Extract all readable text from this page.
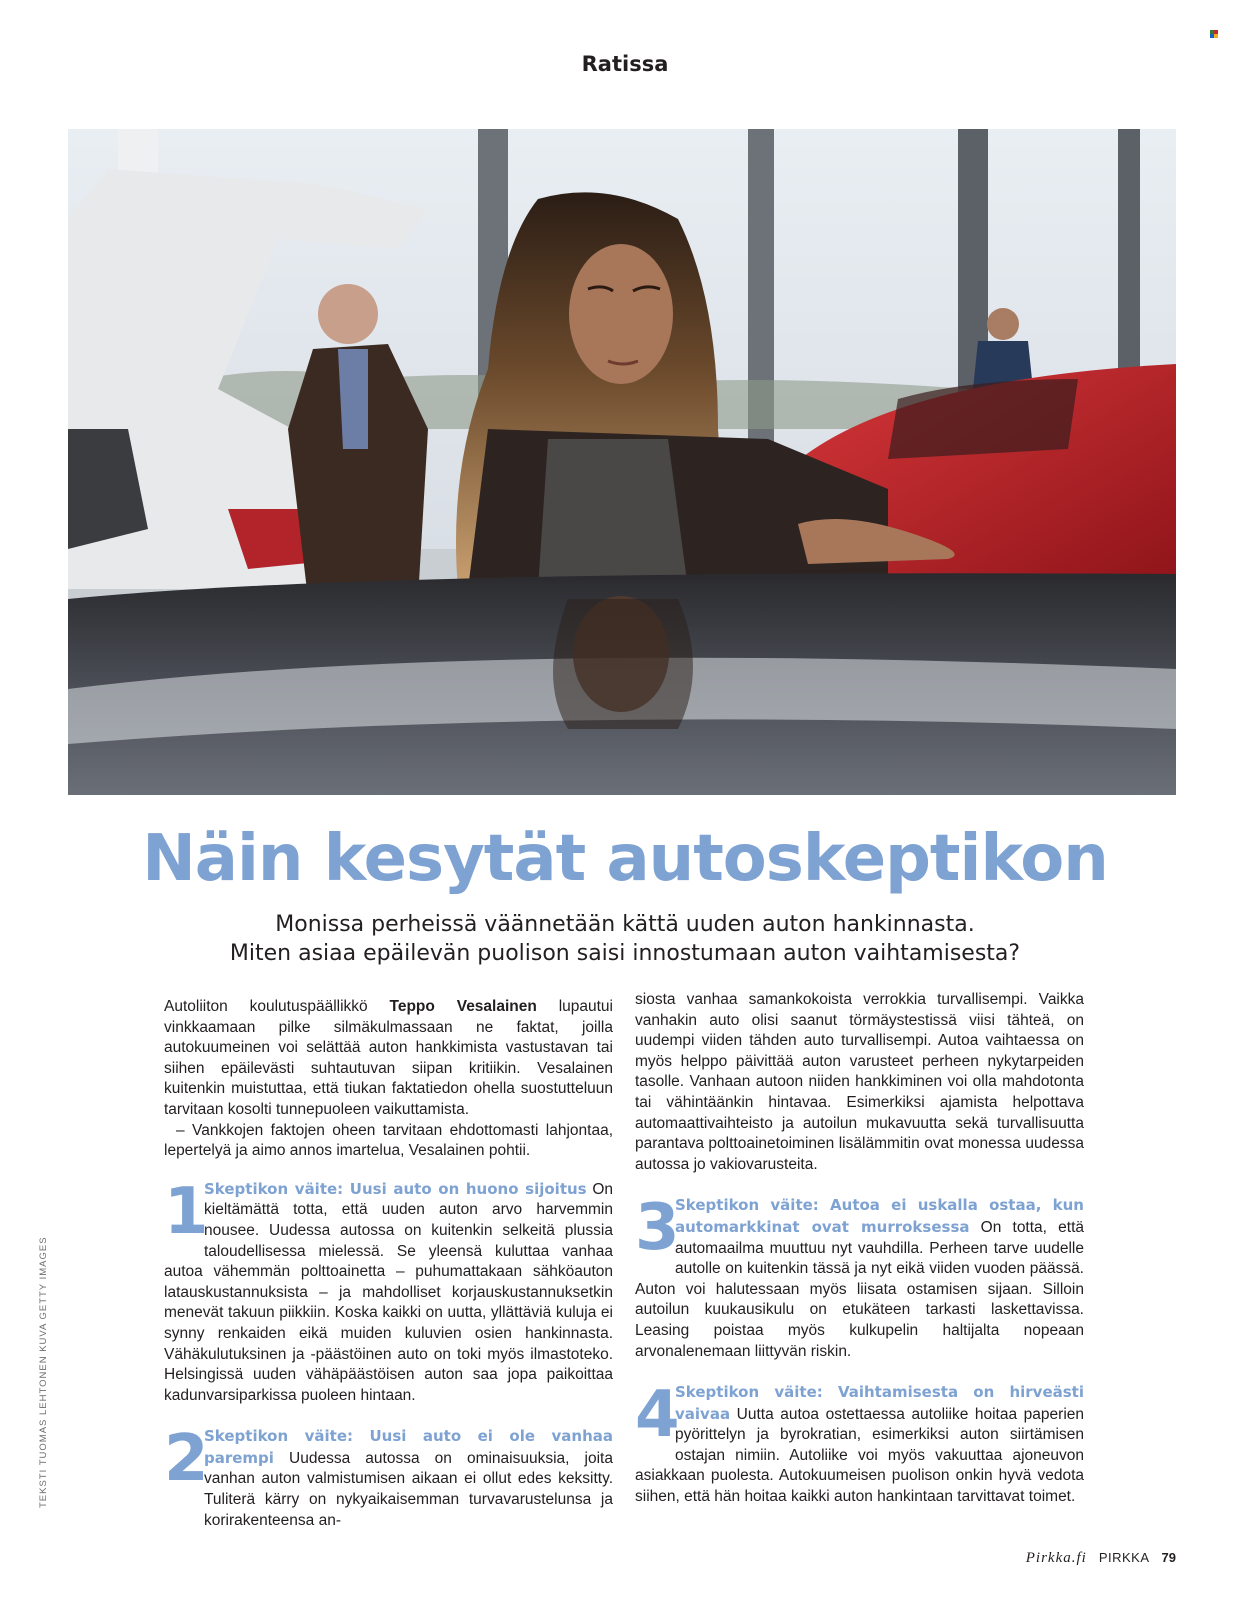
Ratissa
Näin kesytät autoskeptikon
Monissa perheissä väännetään kättä uuden auton hankinnasta.
Miten asiaa epäilevän puolison saisi innostumaan auton vaihtamisesta?

Autoliiton koulutuspäällikkö Teppo Vesalainen lupautui vinkkaamaan pilke silmäkulmassaan ne faktat, joilla autokuumeinen voi selättää auton hankkimista vastustavan tai siihen epäilevästi suhtautuvan siipan kritiikin. Vesalainen kuitenkin muistuttaa, että tiukan faktatiedon ohella suostutteluun tarvitaan kosolti tunnepuoleen vaikuttamista.

– Vankkojen faktojen oheen tarvitaan ehdottomasti lahjontaa, lepertelyä ja aimo annos imartelua, Vesalainen pohtii.

1

Skeptikon väite: Uusi auto on huono sijoitus On kieltämättä totta, että uuden auton arvo harvemmin nousee. Uudessa autossa on kuitenkin selkeitä plussia taloudellisessa mielessä. Se yleensä kuluttaa vanhaa autoa vähemmän polttoainetta – puhumattakaan sähköauton latauskustannuksista – ja mahdolliset korjauskustannuksetkin menevät takuun piikkiin. Koska kaikki on uutta, yllättäviä kuluja ei synny renkaiden eikä muiden kuluvien osien hankinnasta. Vähäkulutuksinen ja -päästöinen auto on toki myös ilmastoteko. Helsingissä uuden vähäpäästöisen auton saa jopa paikoittaa kadunvarsiparkissa puoleen hintaan.

2

Skeptikon väite: Uusi auto ei ole vanhaa parempi Uudessa autossa on ominaisuuksia, joita vanhan auton valmistumisen aikaan ei ollut edes keksitty. Tuliterä kärry on nykyaikaisemman turvavarustelunsa ja korirakenteensa an-

siosta vanhaa samankokoista verrokkia turvallisempi. Vaikka vanhakin auto olisi saanut törmäystestissä viisi tähteä, on uudempi viiden tähden auto turvallisempi. Autoa vaihtaessa on myös helppo päivittää auton varusteet perheen nykytarpeiden tasolle. Vanhaan autoon niiden hankkiminen voi olla mahdotonta tai vähintäänkin hintavaa. Esimerkiksi ajamista helpottava automaattivaihteisto ja autoilun mukavuutta sekä turvallisuutta parantava polttoainetoiminen lisälämmitin ovat monessa uudessa autossa jo vakiovarusteita.

3

Skeptikon väite: Autoa ei uskalla ostaa, kun automarkkinat ovat murroksessa On totta, että automaailma muuttuu nyt vauhdilla. Perheen tarve uudelle autolle on kuitenkin tässä ja nyt eikä viiden vuoden päässä. Auton voi halutessaan myös liisata ostamisen sijaan. Silloin autoilun kuukausikulu on etukäteen tarkasti laskettavissa. Leasing poistaa myös kulkupelin haltijalta nopeaan arvonalenemaan liittyvän riskin.

4

Skeptikon väite: Vaihtamisesta on hirveästi vaivaa Uutta autoa ostettaessa autoliike hoitaa paperien pyörittelyn ja byrokratian, esimerkiksi auton siirtämisen ostajan nimiin. Autoliike voi myös vakuuttaa ajoneuvon asiakkaan puolesta. Autokuumeisen puolison onkin hyvä vedota siihen, että hän hoitaa kaikki auton hankintaan tarvittavat toimet.

TEKSTI TUOMAS LEHTONEN KUVA GETTY IMAGES
Pirkka.fi PIRKKA 79
